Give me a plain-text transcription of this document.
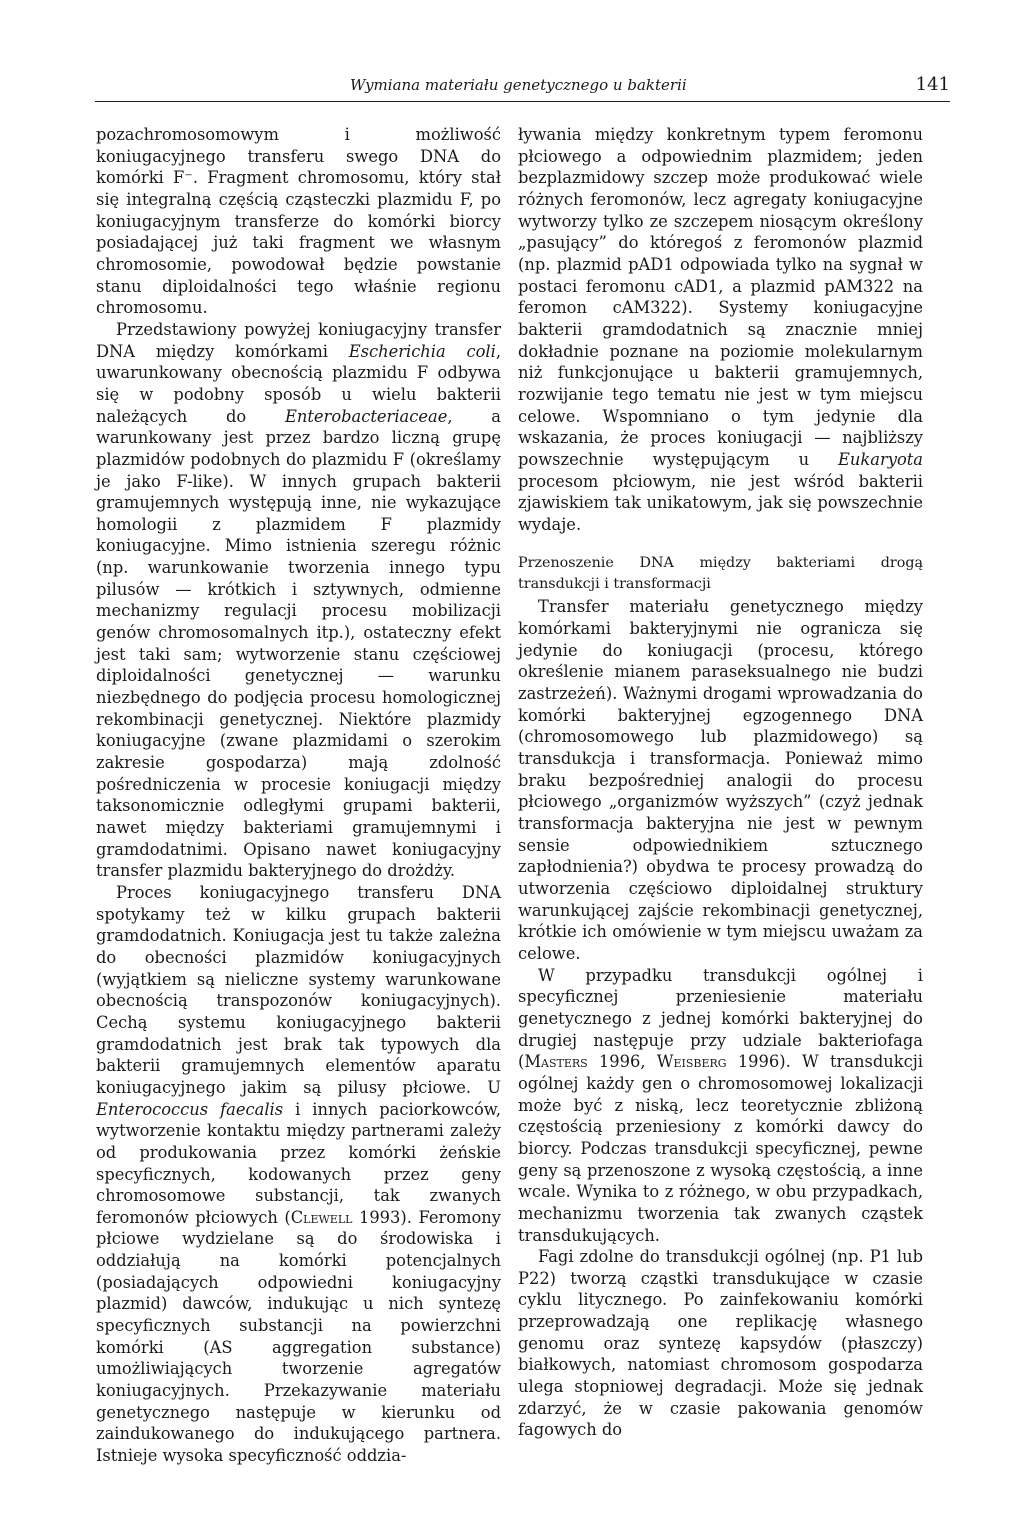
Wymiana materiału genetycznego u bakterii	141

pozachromosomowym i możliwość koniugacyjnego transferu swego DNA do komórki F⁻. Fragment chromosomu, który stał się integralną częścią cząsteczki plazmidu F, po koniugacyjnym transferze do komórki biorcy posiadającej już taki fragment we własnym chromosomie, powodował będzie powstanie stanu diploidalności tego właśnie regionu chromosomu.

Przedstawiony powyżej koniugacyjny transfer DNA między komórkami Escherichia coli, uwarunkowany obecnością plazmidu F odbywa się w podobny sposób u wielu bakterii należących do Enterobacteriaceae, a warunkowany jest przez bardzo liczną grupę plazmidów podobnych do plazmidu F (określamy je jako F-like). W innych grupach bakterii gramujemnych występują inne, nie wykazujące homologii z plazmidem F plazmidy koniugacyjne. Mimo istnienia szeregu różnic (np. warunkowanie tworzenia innego typu pilusów — krótkich i sztywnych, odmienne mechanizmy regulacji procesu mobilizacji genów chromosomalnych itp.), ostateczny efekt jest taki sam; wytworzenie stanu częściowej diploidalności genetycznej — warunku niezbędnego do podjęcia procesu homologicznej rekombinacji genetycznej. Niektóre plazmidy koniugacyjne (zwane plazmidami o szerokim zakresie gospodarza) mają zdolność pośredniczenia w procesie koniugacji między taksonomicznie odległymi grupami bakterii, nawet między bakteriami gramujemnymi i gramdodatnimi. Opisano nawet koniugacyjny transfer plazmidu bakteryjnego do drożdży.

Proces koniugacyjnego transferu DNA spotykamy też w kilku grupach bakterii gramdodatnich. Koniugacja jest tu także zależna do obecności plazmidów koniugacyjnych (wyjątkiem są nieliczne systemy warunkowane obecnością transpozonów koniugacyjnych). Cechą systemu koniugacyjnego bakterii gramdodatnich jest brak tak typowych dla bakterii gramujemnych elementów aparatu koniugacyjnego jakim są pilusy płciowe. U Enterococcus faecalis i innych paciorkowców, wytworzenie kontaktu między partnerami zależy od produkowania przez komórki żeńskie specyficznych, kodowanych przez geny chromosomowe substancji, tak zwanych feromonów płciowych (Clewell 1993). Feromony płciowe wydzielane są do środowiska i oddziałują na komórki potencjalnych (posiadających odpowiedni koniugacyjny plazmid) dawców, indukując u nich syntezę specyficznych substancji na powierzchni komórki (AS aggregation substance) umożliwiających tworzenie agregatów koniugacyjnych. Przekazywanie materiału genetycznego następuje w kierunku od zaindukowanego do indukującego partnera. Istnieje wysoka specyficzność oddzia-

ływania między konkretnym typem feromonu płciowego a odpowiednim plazmidem; jeden bezplazmidowy szczep może produkować wiele różnych feromonów, lecz agregaty koniugacyjne wytworzy tylko ze szczepem niosącym określony „pasujący” do któregoś z feromonów plazmid (np. plazmid pAD1 odpowiada tylko na sygnał w postaci feromonu cAD1, a plazmid pAM322 na feromon cAM322). Systemy koniugacyjne bakterii gramdodatnich są znacznie mniej dokładnie poznane na poziomie molekularnym niż funkcjonujące u bakterii gramujemnych, rozwijanie tego tematu nie jest w tym miejscu celowe. Wspomniano o tym jedynie dla wskazania, że proces koniugacji — najbliższy powszechnie występującym u Eukaryota procesom płciowym, nie jest wśród bakterii zjawiskiem tak unikatowym, jak się powszechnie wydaje.

Przenoszenie DNA między bakteriami drogą transdukcji i transformacji

Transfer materiału genetycznego między komórkami bakteryjnymi nie ogranicza się jedynie do koniugacji (procesu, którego określenie mianem paraseksualnego nie budzi zastrzeżeń). Ważnymi drogami wprowadzania do komórki bakteryjnej egzogennego DNA (chromosomowego lub plazmidowego) są transdukcja i transformacja. Ponieważ mimo braku bezpośredniej analogii do procesu płciowego „organizmów wyższych” (czyż jednak transformacja bakteryjna nie jest w pewnym sensie odpowiednikiem sztucznego zapłodnienia?) obydwa te procesy prowadzą do utworzenia częściowo diploidalnej struktury warunkującej zajście rekombinacji genetycznej, krótkie ich omówienie w tym miejscu uważam za celowe.

W przypadku transdukcji ogólnej i specyficznej przeniesienie materiału genetycznego z jednej komórki bakteryjnej do drugiej następuje przy udziale bakteriofaga (Masters 1996, Weisberg 1996). W transdukcji ogólnej każdy gen o chromosomowej lokalizacji może być z niską, lecz teoretycznie zbliżoną częstością przeniesiony z komórki dawcy do biorcy. Podczas transdukcji specyficznej, pewne geny są przenoszone z wysoką częstością, a inne wcale. Wynika to z różnego, w obu przypadkach, mechanizmu tworzenia tak zwanych cząstek transdukujących.

Fagi zdolne do transdukcji ogólnej (np. P1 lub P22) tworzą cząstki transdukujące w czasie cyklu litycznego. Po zainfekowaniu komórki przeprowadzają one replikację własnego genomu oraz syntezę kapsydów (płaszczy) białkowych, natomiast chromosom gospodarza ulega stopniowej degradacji. Może się jednak zdarzyć, że w czasie pakowania genomów fagowych do
